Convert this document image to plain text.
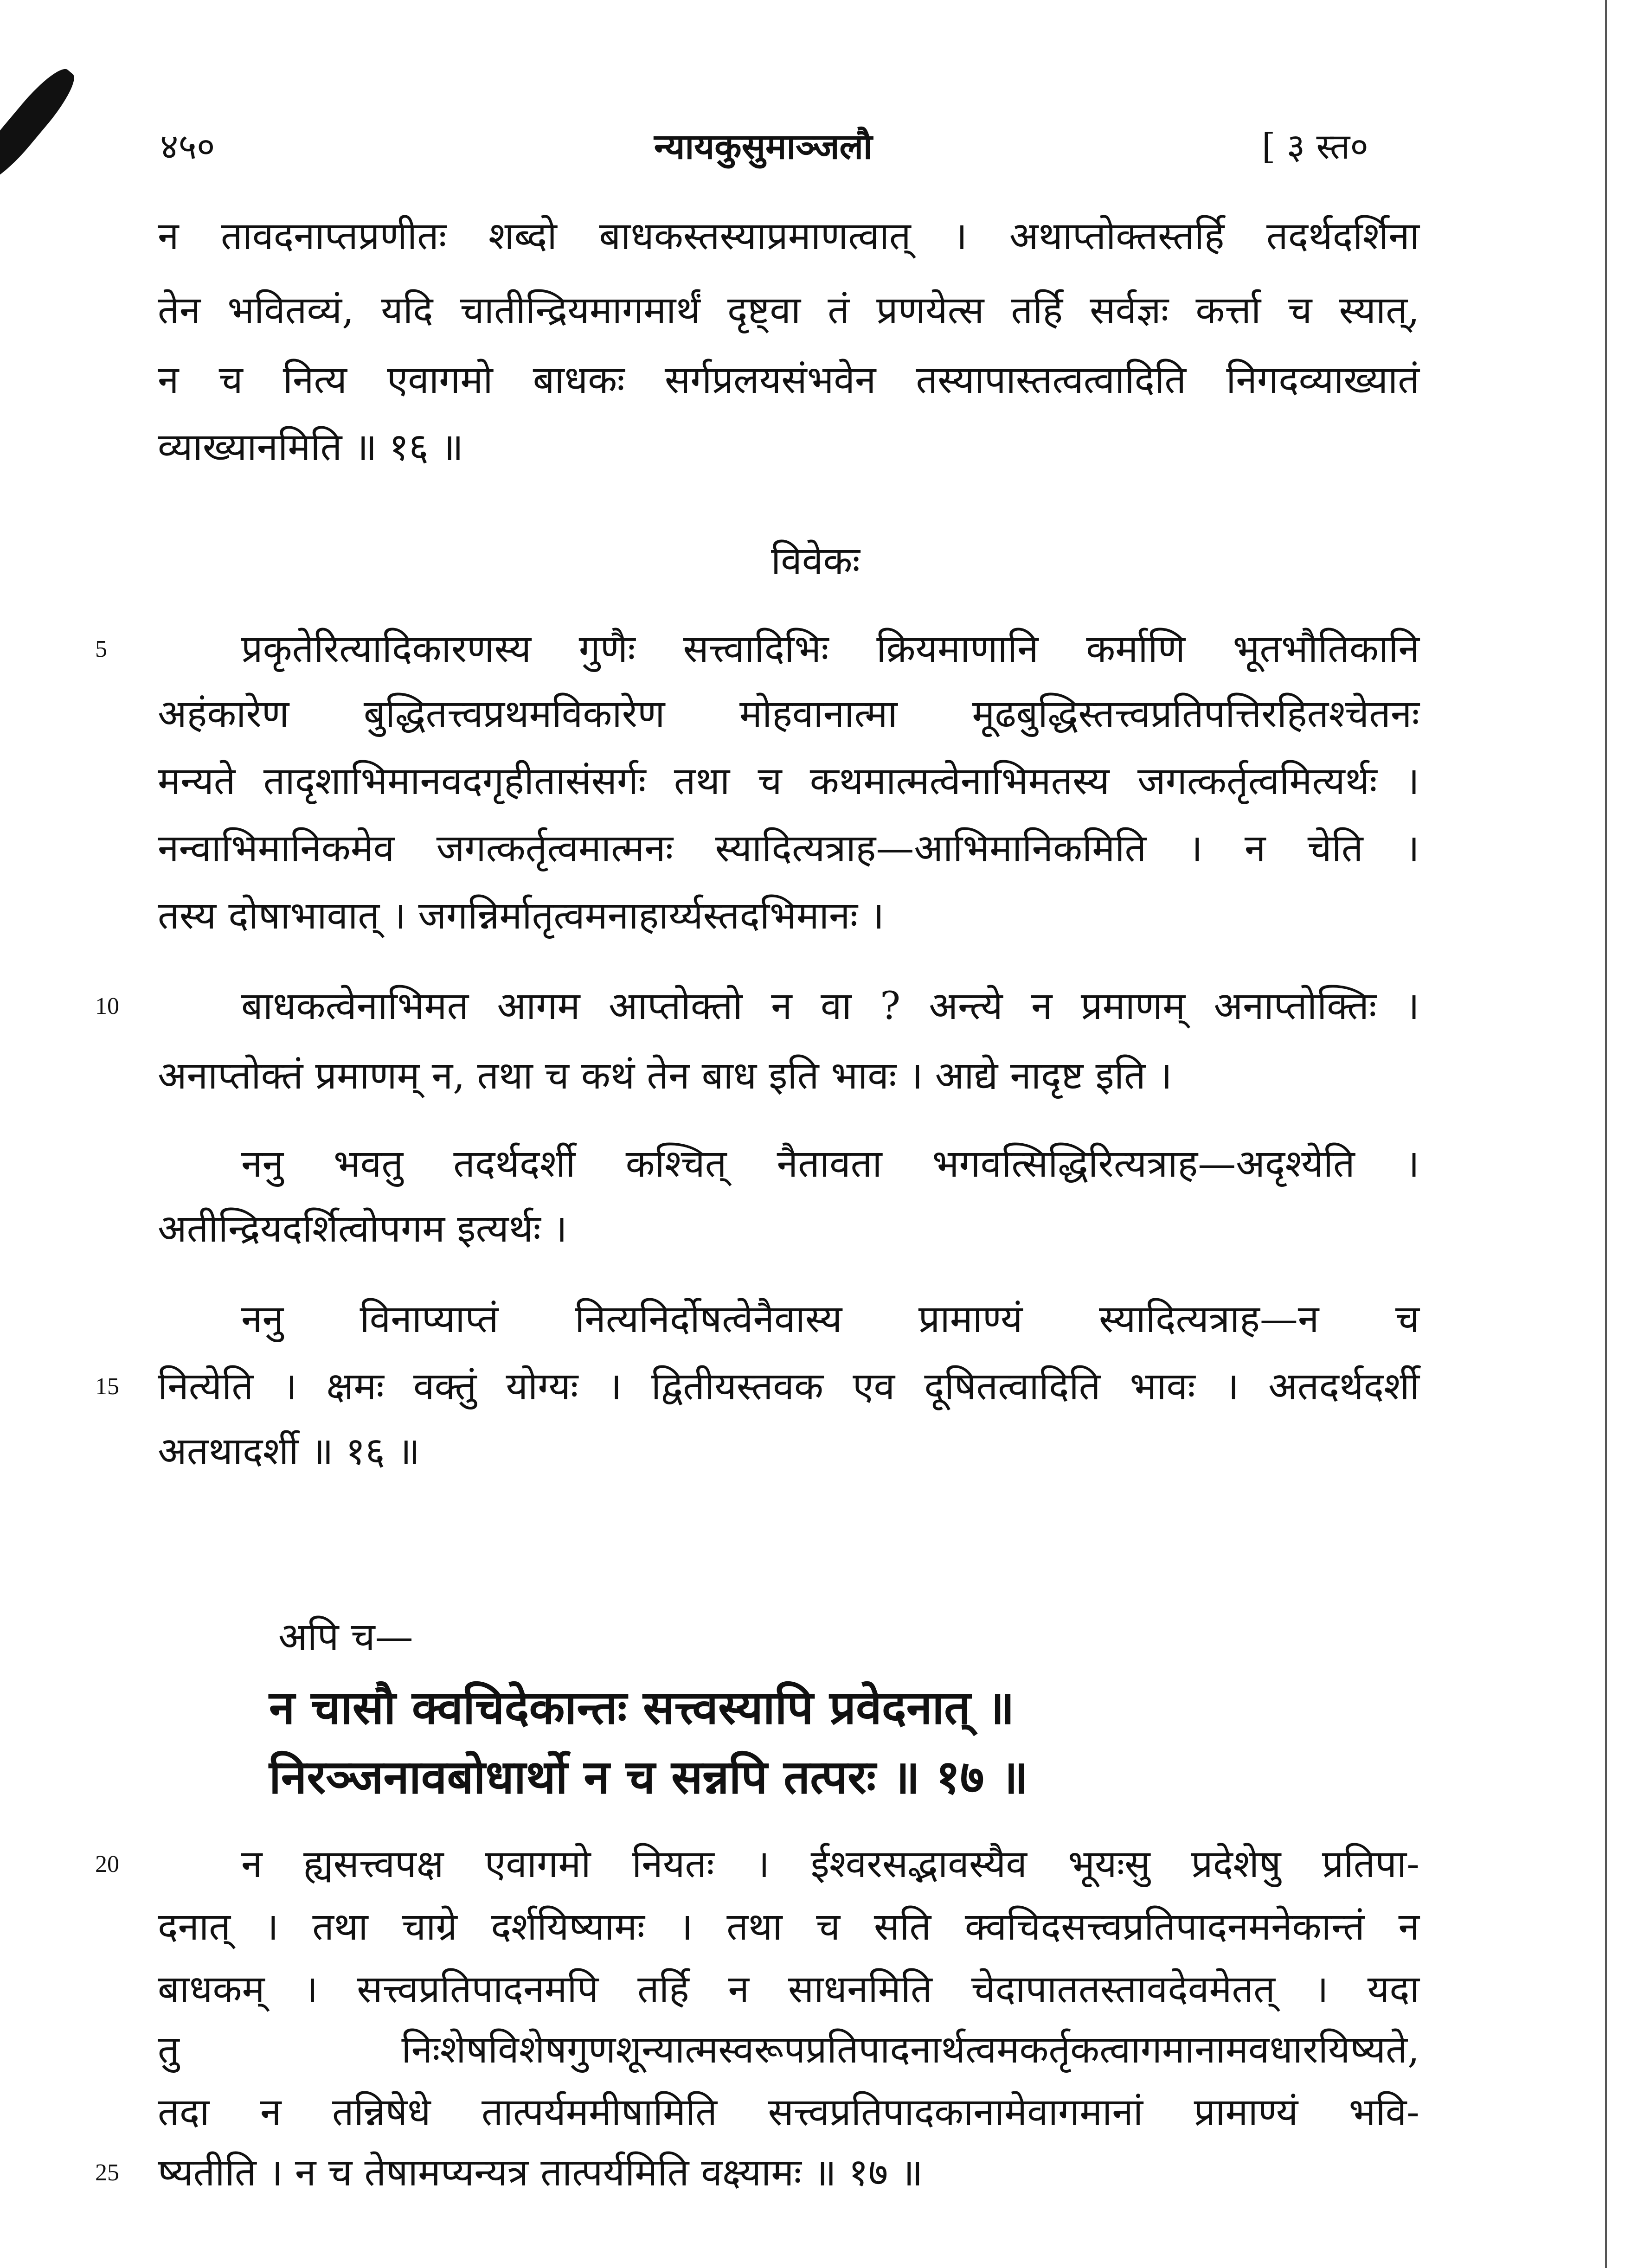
४५०	न्यायकुसुमाञ्जलौ	[ ३ स्त०
न तावदनाप्तप्रणीतः शब्दो बाधकस्तस्याप्रमाणत्वात् । अथाप्तोक्तस्तर्हि तदर्थदर्शिना
तेन भवितव्यं, यदि चातीन्द्रियमागमार्थं दृष्ट्वा तं प्रणयेत्स तर्हि सर्वज्ञः कर्त्ता च स्यात्,
न च नित्य एवागमो बाधकः सर्गप्रलयसंभवेन तस्यापास्तत्वत्वादिति निगदव्याख्यातं
व्याख्यानमिति ॥ १६ ॥
विवेकः
प्रकृतेरित्यादिकारणस्य गुणैः सत्त्वादिभिः क्रियमाणानि कर्माणि भूतभौतिकानि
अहंकारेण बुद्धितत्त्वप्रथमविकारेण मोहवानात्मा मूढबुद्धिस्तत्त्वप्रतिपत्तिरहितश्चेतनः
मन्यते तादृशाभिमानवदगृहीतासंसर्गः तथा च कथमात्मत्वेनाभिमतस्य जगत्कर्तृत्वमित्यर्थः ।
नन्वाभिमानिकमेव जगत्कर्तृत्वमात्मनः स्यादित्यत्राह—आभिमानिकमिति । न चेति ।
तस्य दोषाभावात् । जगन्निर्मातृत्वमनाहार्य्यस्तदभिमानः ।
बाधकत्वेनाभिमत आगम आप्तोक्तो न वा ? अन्त्ये न प्रमाणम् अनाप्तोक्तिः ।
अनाप्तोक्तं प्रमाणम् न, तथा च कथं तेन बाध इति भावः । आद्ये नादृष्ट इति ।
ननु भवतु तदर्थदर्शी कश्चित् नैतावता भगवत्सिद्धिरित्यत्राह—अदृश्येति ।
अतीन्द्रियदर्शित्वोपगम इत्यर्थः ।
ननु विनाप्याप्तं नित्यनिर्दोषत्वेनैवास्य प्रामाण्यं स्यादित्यत्राह—न च
नित्येति । क्षमः वक्तुं योग्यः । द्वितीयस्तवक एव दूषितत्वादिति भावः । अतदर्थदर्शी
अतथादर्शी ॥ १६ ॥
अपि च—
न चासौ क्वचिदेकान्तः सत्त्वस्यापि प्रवेदनात् ॥
निरञ्जनावबोधार्थो न च सन्नपि तत्परः ॥ १७ ॥
न ह्यसत्त्वपक्ष एवागमो नियतः । ईश्वरसद्भावस्यैव भूयःसु प्रदेशेषु प्रतिपा-
दनात् । तथा चाग्रे दर्शयिष्यामः । तथा च सति क्वचिदसत्त्वप्रतिपादनमनेकान्तं न
बाधकम् । सत्त्वप्रतिपादनमपि तर्हि न साधनमिति चेदापाततस्तावदेवमेतत् । यदा
तु निःशेषविशेषगुणशून्यात्मस्वरूपप्रतिपादनार्थत्वमकर्तृकत्वागमानामवधारयिष्यते,
तदा न तन्निषेधे तात्पर्यममीषामिति सत्त्वप्रतिपादकानामेवागमानां प्रामाण्यं भवि-
ष्यतीति । न च तेषामप्यन्यत्र तात्पर्यमिति वक्ष्यामः ॥ १७ ॥
5
10
15
20
25
